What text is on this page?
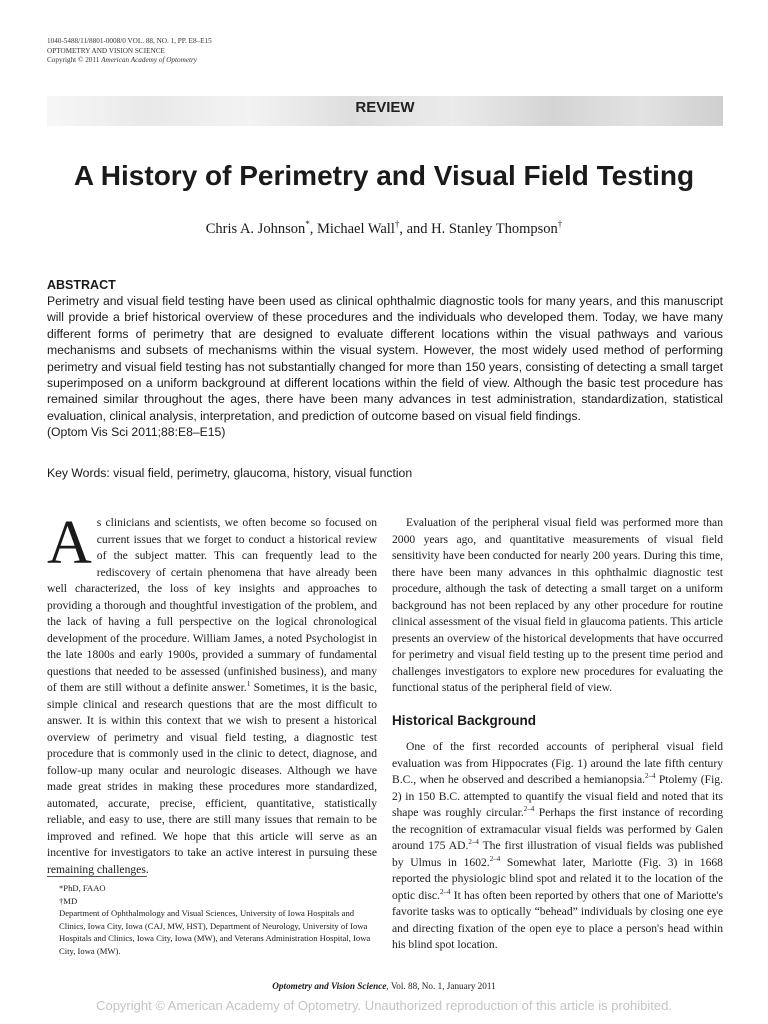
1040-5488/11/8801-0008/0 VOL. 88, NO. 1, PP. E8–E15
OPTOMETRY AND VISION SCIENCE
Copyright © 2011 American Academy of Optometry
REVIEW
A History of Perimetry and Visual Field Testing
Chris A. Johnson*, Michael Wall†, and H. Stanley Thompson†
ABSTRACT
Perimetry and visual field testing have been used as clinical ophthalmic diagnostic tools for many years, and this manuscript will provide a brief historical overview of these procedures and the individuals who developed them. Today, we have many different forms of perimetry that are designed to evaluate different locations within the visual pathways and various mechanisms and subsets of mechanisms within the visual system. However, the most widely used method of performing perimetry and visual field testing has not substantially changed for more than 150 years, consisting of detecting a small target superimposed on a uniform background at different locations within the field of view. Although the basic test procedure has remained similar throughout the ages, there have been many advances in test administration, standardization, statistical evaluation, clinical analysis, interpretation, and prediction of outcome based on visual field findings.
(Optom Vis Sci 2011;88:E8–E15)
Key Words: visual field, perimetry, glaucoma, history, visual function

As clinicians and scientists, we often become so focused on current issues that we forget to conduct a historical review of the subject matter. This can frequently lead to the rediscovery of certain phenomena that have already been well characterized, the loss of key insights and approaches to providing a thorough and thoughtful investigation of the problem, and the lack of having a full perspective on the logical chronological development of the procedure. William James, a noted Psychologist in the late 1800s and early 1900s, provided a summary of fundamental questions that needed to be assessed (unfinished business), and many of them are still without a definite answer.$^1$ Sometimes, it is the basic, simple clinical and research questions that are the most difficult to answer. It is within this context that we wish to present a historical overview of perimetry and visual field testing, a diagnostic test procedure that is commonly used in the clinic to detect, diagnose, and follow-up many ocular and neurologic diseases. Although we have made great strides in making these procedures more standardized, automated, accurate, precise, efficient, quantitative, statistically reliable, and easy to use, there are still many issues that remain to be improved and refined. We hope that this article will serve as an incentive for investigators to take an active interest in pursuing these remaining challenges.

Evaluation of the peripheral visual field was performed more than 2000 years ago, and quantitative measurements of visual field sensitivity have been conducted for nearly 200 years. During this time, there have been many advances in this ophthalmic diagnostic test procedure, although the task of detecting a small target on a uniform background has not been replaced by any other procedure for routine clinical assessment of the visual field in glaucoma patients. This article presents an overview of the historical developments that have occurred for perimetry and visual field testing up to the present time period and challenges investigators to explore new procedures for evaluating the functional status of the peripheral field of view.

Historical Background

One of the first recorded accounts of peripheral visual field evaluation was from Hippocrates (Fig. 1) around the late fifth century B.C., when he observed and described a hemianopsia.$^{2-4}$ Ptolemy (Fig. 2) in 150 B.C. attempted to quantify the visual field and noted that its shape was roughly circular.$^{2-4}$ Perhaps the first instance of recording the recognition of extramacular visual fields was performed by Galen around 175 AD.$^{2-4}$ The first illustration of visual fields was published by Ulmus in 1602.$^{2-4}$ Somewhat later, Mariotte (Fig. 3) in 1668 reported the physiologic blind spot and related it to the location of the optic disc.$^{2-4}$ It has often been reported by others that one of Mariotte's favorite tasks was to optically “behead” individuals by closing one eye and directing fixation of the open eye to place a person's head within his blind spot location.

*PhD, FAAO

†MD

Department of Ophthalmology and Visual Sciences, University of Iowa Hospitals and Clinics, Iowa City, Iowa (CAJ, MW, HST), Department of Neurology, University of Iowa Hospitals and Clinics, Iowa City, Iowa (MW), and Veterans Administration Hospital, Iowa City, Iowa (MW).

Optometry and Vision Science, Vol. 88, No. 1, January 2011
Copyright © American Academy of Optometry. Unauthorized reproduction of this article is prohibited.
